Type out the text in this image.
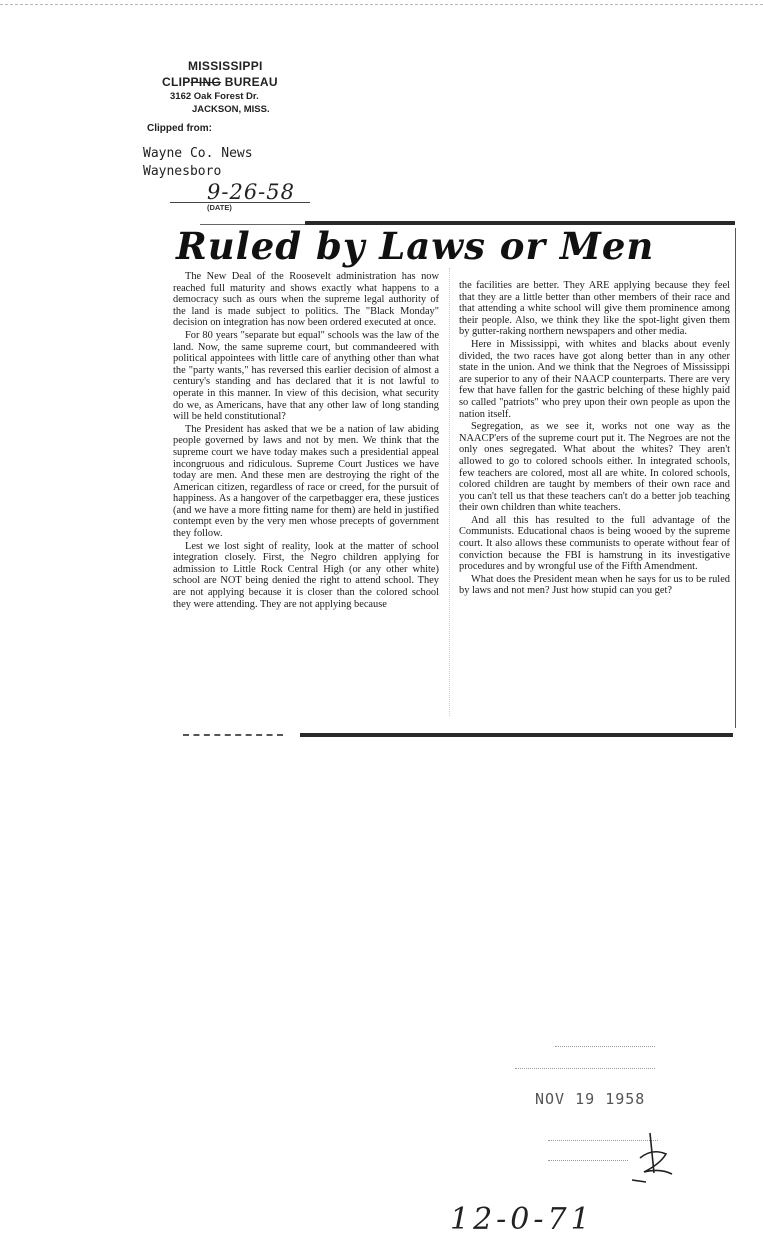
MISSISSIPPI
CLIPPING BUREAU
3162 Oak Forest Dr.
JACKSON, MISS.
Clipped from:
Wayne Co. News
Waynesboro
9-26-58
(DATE)
Ruled by Laws or Men

The New Deal of the Roosevelt administration has now reached full maturity and shows exactly what happens to a democracy such as ours when the supreme legal authority of the land is made subject to politics. The "Black Monday" decision on integration has now been ordered executed at once.

For 80 years "separate but equal" schools was the law of the land. Now, the same supreme court, but commandeered with political appointees with little care of anything other than what the "party wants," has reversed this earlier decision of almost a century's standing and has declared that it is not lawful to operate in this manner. In view of this decision, what security do we, as Americans, have that any other law of long standing will be held constitutional?

The President has asked that we be a nation of law abiding people governed by laws and not by men. We think that the supreme court we have today makes such a presidential appeal incongruous and ridiculous. Supreme Court Justices we have today are men. And these men are destroying the right of the American citizen, regardless of race or creed, for the pursuit of happiness. As a hangover of the carpetbagger era, these justices (and we have a more fitting name for them) are held in justified contempt even by the very men whose precepts of government they follow.

Lest we lost sight of reality, look at the matter of school integration closely. First, the Negro children applying for admission to Little Rock Central High (or any other white) school are NOT being denied the right to attend school. They are not applying because it is closer than the colored school they were attending. They are not applying because

the facilities are better. They ARE applying because they feel that they are a little better than other members of their race and that attending a white school will give them prominence among their people. Also, we think they like the spot-light given them by gutter-raking northern newspapers and other media.

Here in Mississippi, with whites and blacks about evenly divided, the two races have got along better than in any other state in the union. And we think that the Negroes of Mississippi are superior to any of their NAACP counterparts. There are very few that have fallen for the gastric belching of these highly paid so called "patriots" who prey upon their own people as upon the nation itself.

Segregation, as we see it, works not one way as the NAACP'ers of the supreme court put it. The Negroes are not the only ones segregated. What about the whites? They aren't allowed to go to colored schools either. In integrated schools, few teachers are colored, most all are white. In colored schools, colored children are taught by members of their own race and you can't tell us that these teachers can't do a better job teaching their own children than white teachers.

And all this has resulted to the full advantage of the Communists. Educational chaos is being wooed by the supreme court. It also allows these communists to operate without fear of conviction because the FBI is hamstrung in its investigative procedures and by wrongful use of the Fifth Amendment.

What does the President mean when he says for us to be ruled by laws and not men? Just how stupid can you get?

NOV 19 1958
12-0-71
